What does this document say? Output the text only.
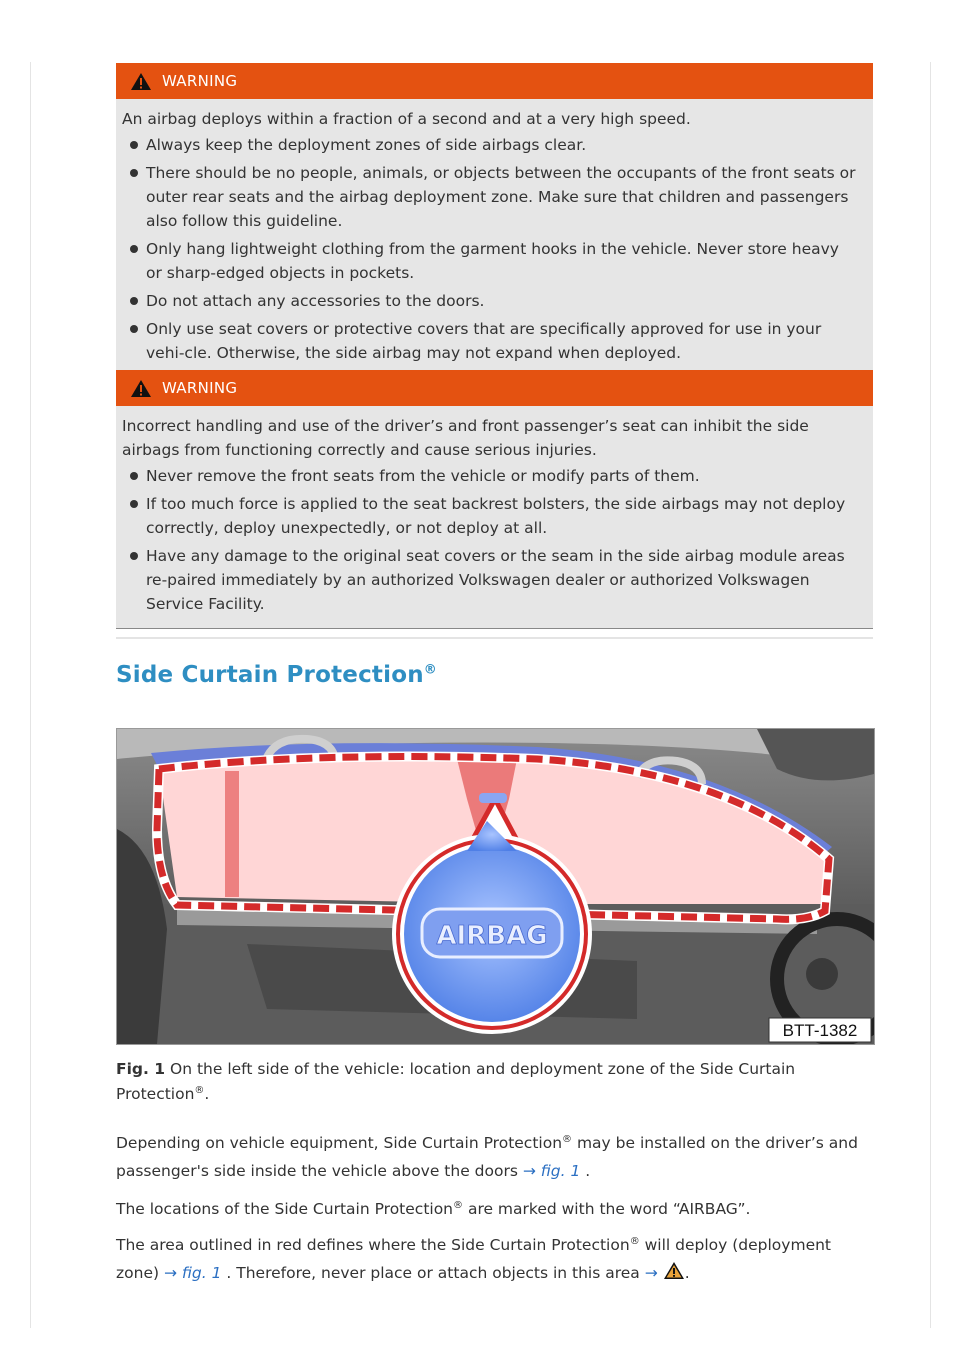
WARNING

An airbag deploys within a fraction of a second and at a very high speed.

Always keep the deployment zones of side airbags clear.
There should be no people, animals, or objects between the occupants of the front seats or outer rear seats and the airbag deployment zone. Make sure that children and passengers also follow this guideline.
Only hang lightweight clothing from the garment hooks in the vehicle. Never store heavy or sharp-edged objects in pockets.
Do not attach any accessories to the doors.
Only use seat covers or protective covers that are specifically approved for use in your vehi-cle. Otherwise, the side airbag may not expand when deployed.
WARNING

Incorrect handling and use of the driver’s and front passenger’s seat can inhibit the side airbags from functioning correctly and cause serious injuries.

Never remove the front seats from the vehicle or modify parts of them.
If too much force is applied to the seat backrest bolsters, the side airbags may not deploy correctly, deploy unexpectedly, or not deploy at all.
Have any damage to the original seat covers or the seam in the side airbag module areas re-paired immediately by an authorized Volkswagen dealer or authorized Volkswagen Service Facility.
Side Curtain Protection®
AIRBAG
BTT-1382
Fig. 1 On the left side of the vehicle: location and deployment zone of the Side Curtain Protection®.

Depending on vehicle equipment, Side Curtain Protection® may be installed on the driver’s and passenger's side inside the vehicle above the doors → fig. 1 .

The locations of the Side Curtain Protection® are marked with the word “AIRBAG”.

The area outlined in red defines where the Side Curtain Protection® will deploy (deployment zone) → fig. 1 . Therefore, never place or attach objects in this area → .
